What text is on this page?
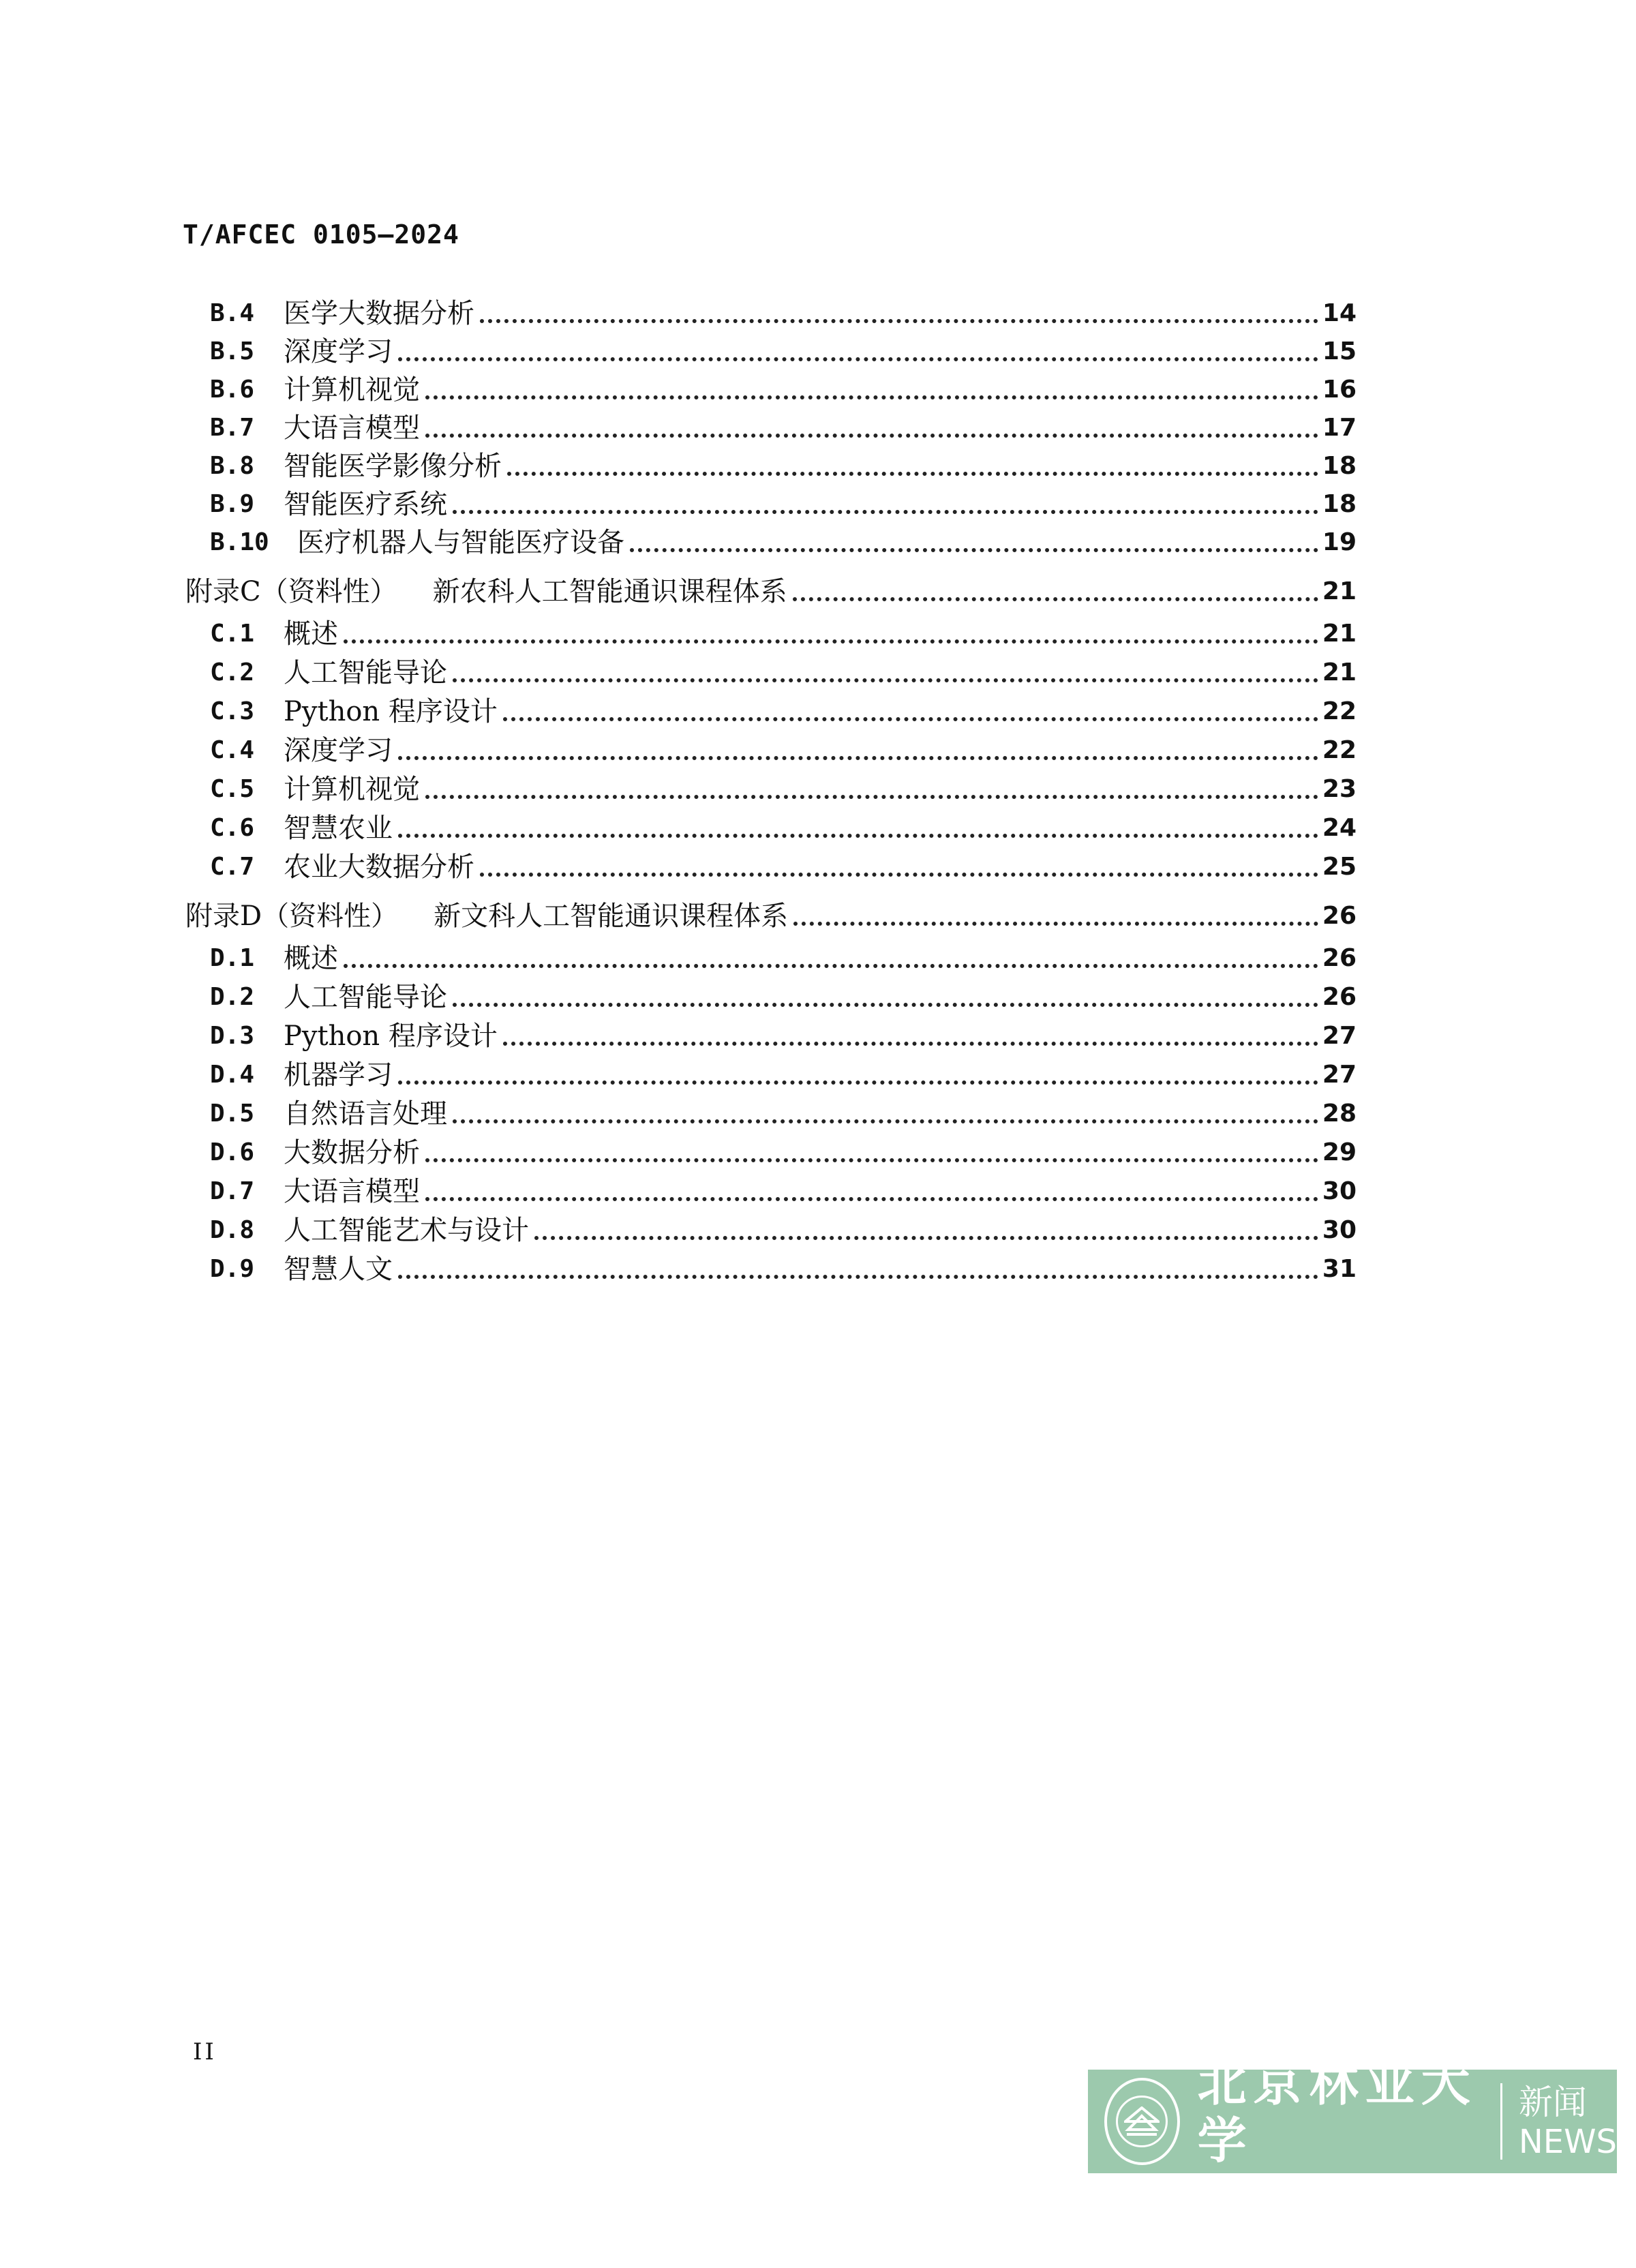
T/AFCEC 0105—2024
B.4	医学大数据分析	14
B.5	深度学习	15
B.6	计算机视觉	16
B.7	大语言模型	17
B.8	智能医学影像分析	18
B.9	智能医疗系统	18
B.10	医疗机器人与智能医疗设备	19
附录C（资料性） 新农科人工智能通识课程体系	21
C.1	概述	21
C.2	人工智能导论	21
C.3	Python 程序设计	22
C.4	深度学习	22
C.5	计算机视觉	23
C.6	智慧农业	24
C.7	农业大数据分析	25
附录D（资料性） 新文科人工智能通识课程体系	26
D.1	概述	26
D.2	人工智能导论	26
D.3	Python 程序设计	27
D.4	机器学习	27
D.5	自然语言处理	28
D.6	大数据分析	29
D.7	大语言模型	30
D.8	人工智能艺术与设计	30
D.9	智慧人文	31
II
北京林业大学
BEIJING FORESTRY UNIVERSITY
新闻
NEWS
